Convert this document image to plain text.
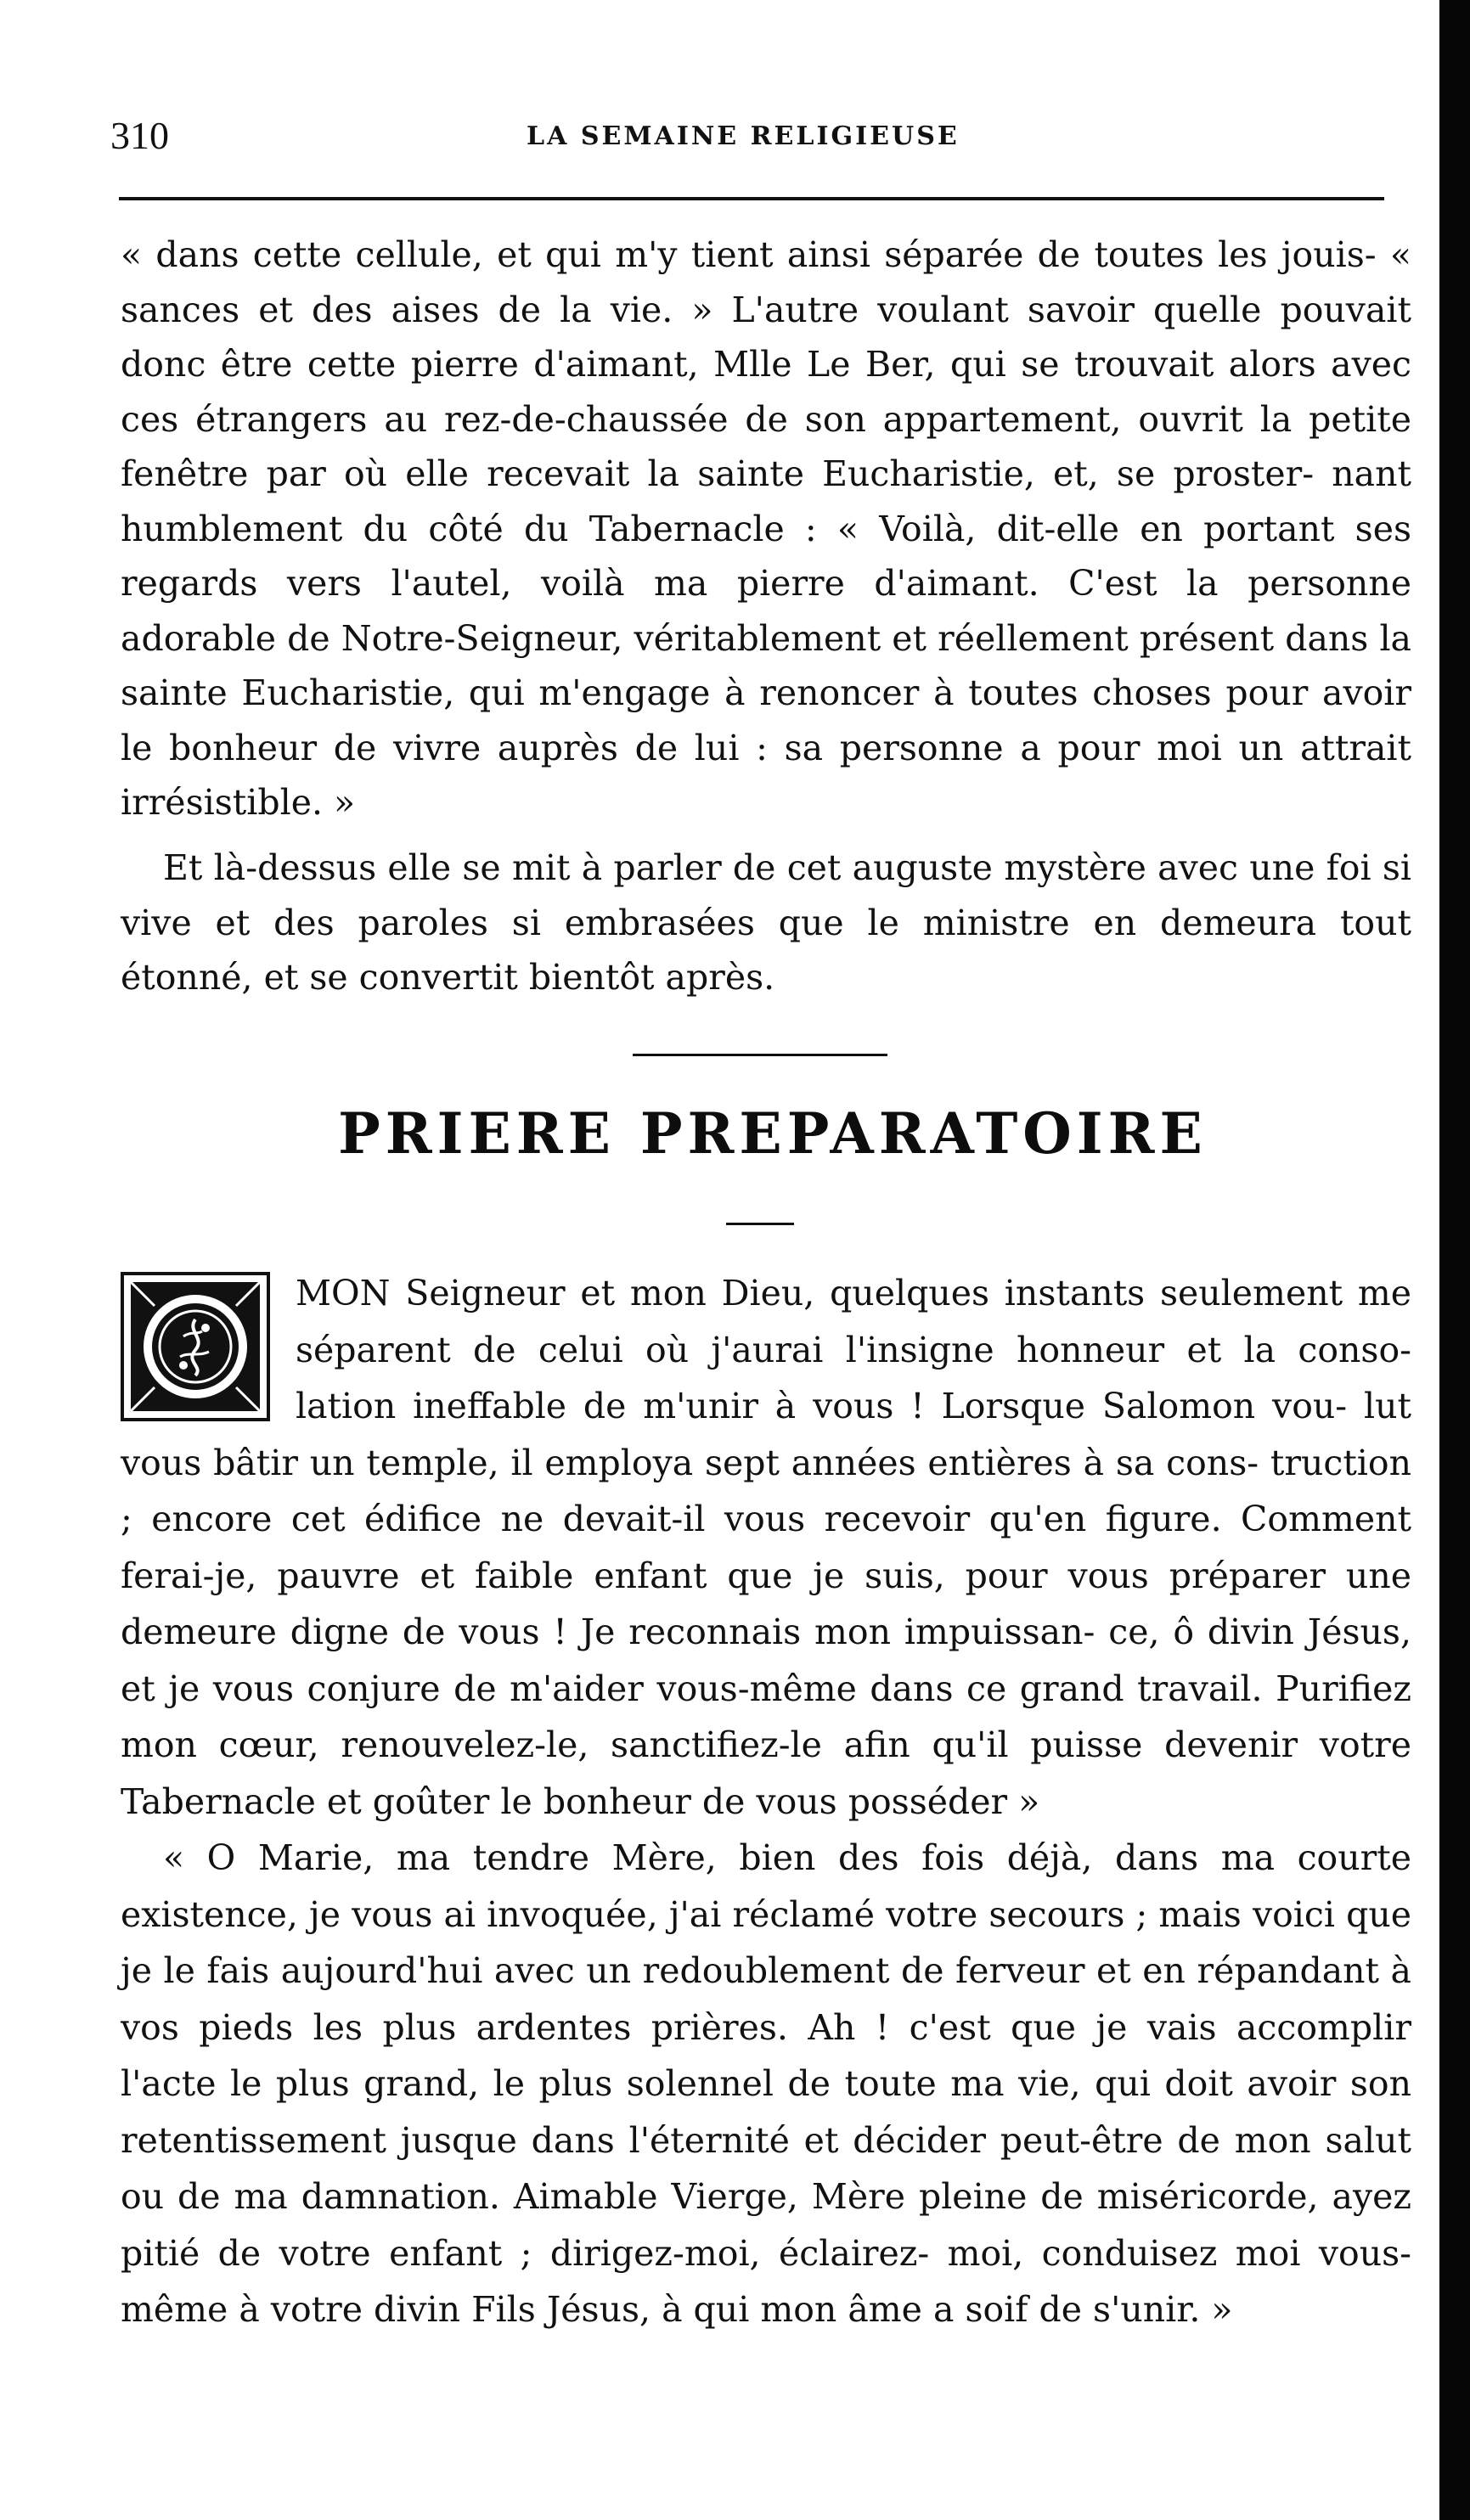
310	LA SEMAINE RELIGIEUSE

« dans cette cellule, et qui m'y tient ainsi séparée de toutes les jouis- « sances et des aises de la vie. » L'autre voulant savoir quelle pouvait donc être cette pierre d'aimant, Mlle Le Ber, qui se trouvait alors avec ces étrangers au rez-de-chaussée de son appartement, ouvrit la petite fenêtre par où elle recevait la sainte Eucharistie, et, se proster- nant humblement du côté du Tabernacle : « Voilà, dit-elle en portant ses regards vers l'autel, voilà ma pierre d'aimant. C'est la personne adorable de Notre-Seigneur, véritablement et réellement présent dans la sainte Eucharistie, qui m'engage à renoncer à toutes choses pour avoir le bonheur de vivre auprès de lui : sa personne a pour moi un attrait irrésistible. »

Et là-dessus elle se mit à parler de cet auguste mystère avec une foi si vive et des paroles si embrasées que le ministre en demeura tout étonné, et se convertit bientôt après.

PRIERE PREPARATOIRE

MON Seigneur et mon Dieu, quelques instants seulement me séparent de celui où j'aurai l'insigne honneur et la conso- lation ineffable de m'unir à vous ! Lorsque Salomon vou- lut vous bâtir un temple, il employa sept années entières à sa cons- truction ; encore cet édifice ne devait-il vous recevoir qu'en figure. Comment ferai-je, pauvre et faible enfant que je suis, pour vous préparer une demeure digne de vous ! Je reconnais mon impuissan- ce, ô divin Jésus, et je vous conjure de m'aider vous-même dans ce grand travail. Purifiez mon cœur, renouvelez-le, sanctifiez-le afin qu'il puisse devenir votre Tabernacle et goûter le bonheur de vous posséder »

« O Marie, ma tendre Mère, bien des fois déjà, dans ma courte existence, je vous ai invoquée, j'ai réclamé votre secours ; mais voici que je le fais aujourd'hui avec un redoublement de ferveur et en répandant à vos pieds les plus ardentes prières. Ah ! c'est que je vais accomplir l'acte le plus grand, le plus solennel de toute ma vie, qui doit avoir son retentissement jusque dans l'éternité et décider peut-être de mon salut ou de ma damnation. Aimable Vierge, Mère pleine de miséricorde, ayez pitié de votre enfant ; dirigez-moi, éclairez- moi, conduisez moi vous-même à votre divin Fils Jésus, à qui mon âme a soif de s'unir. »
